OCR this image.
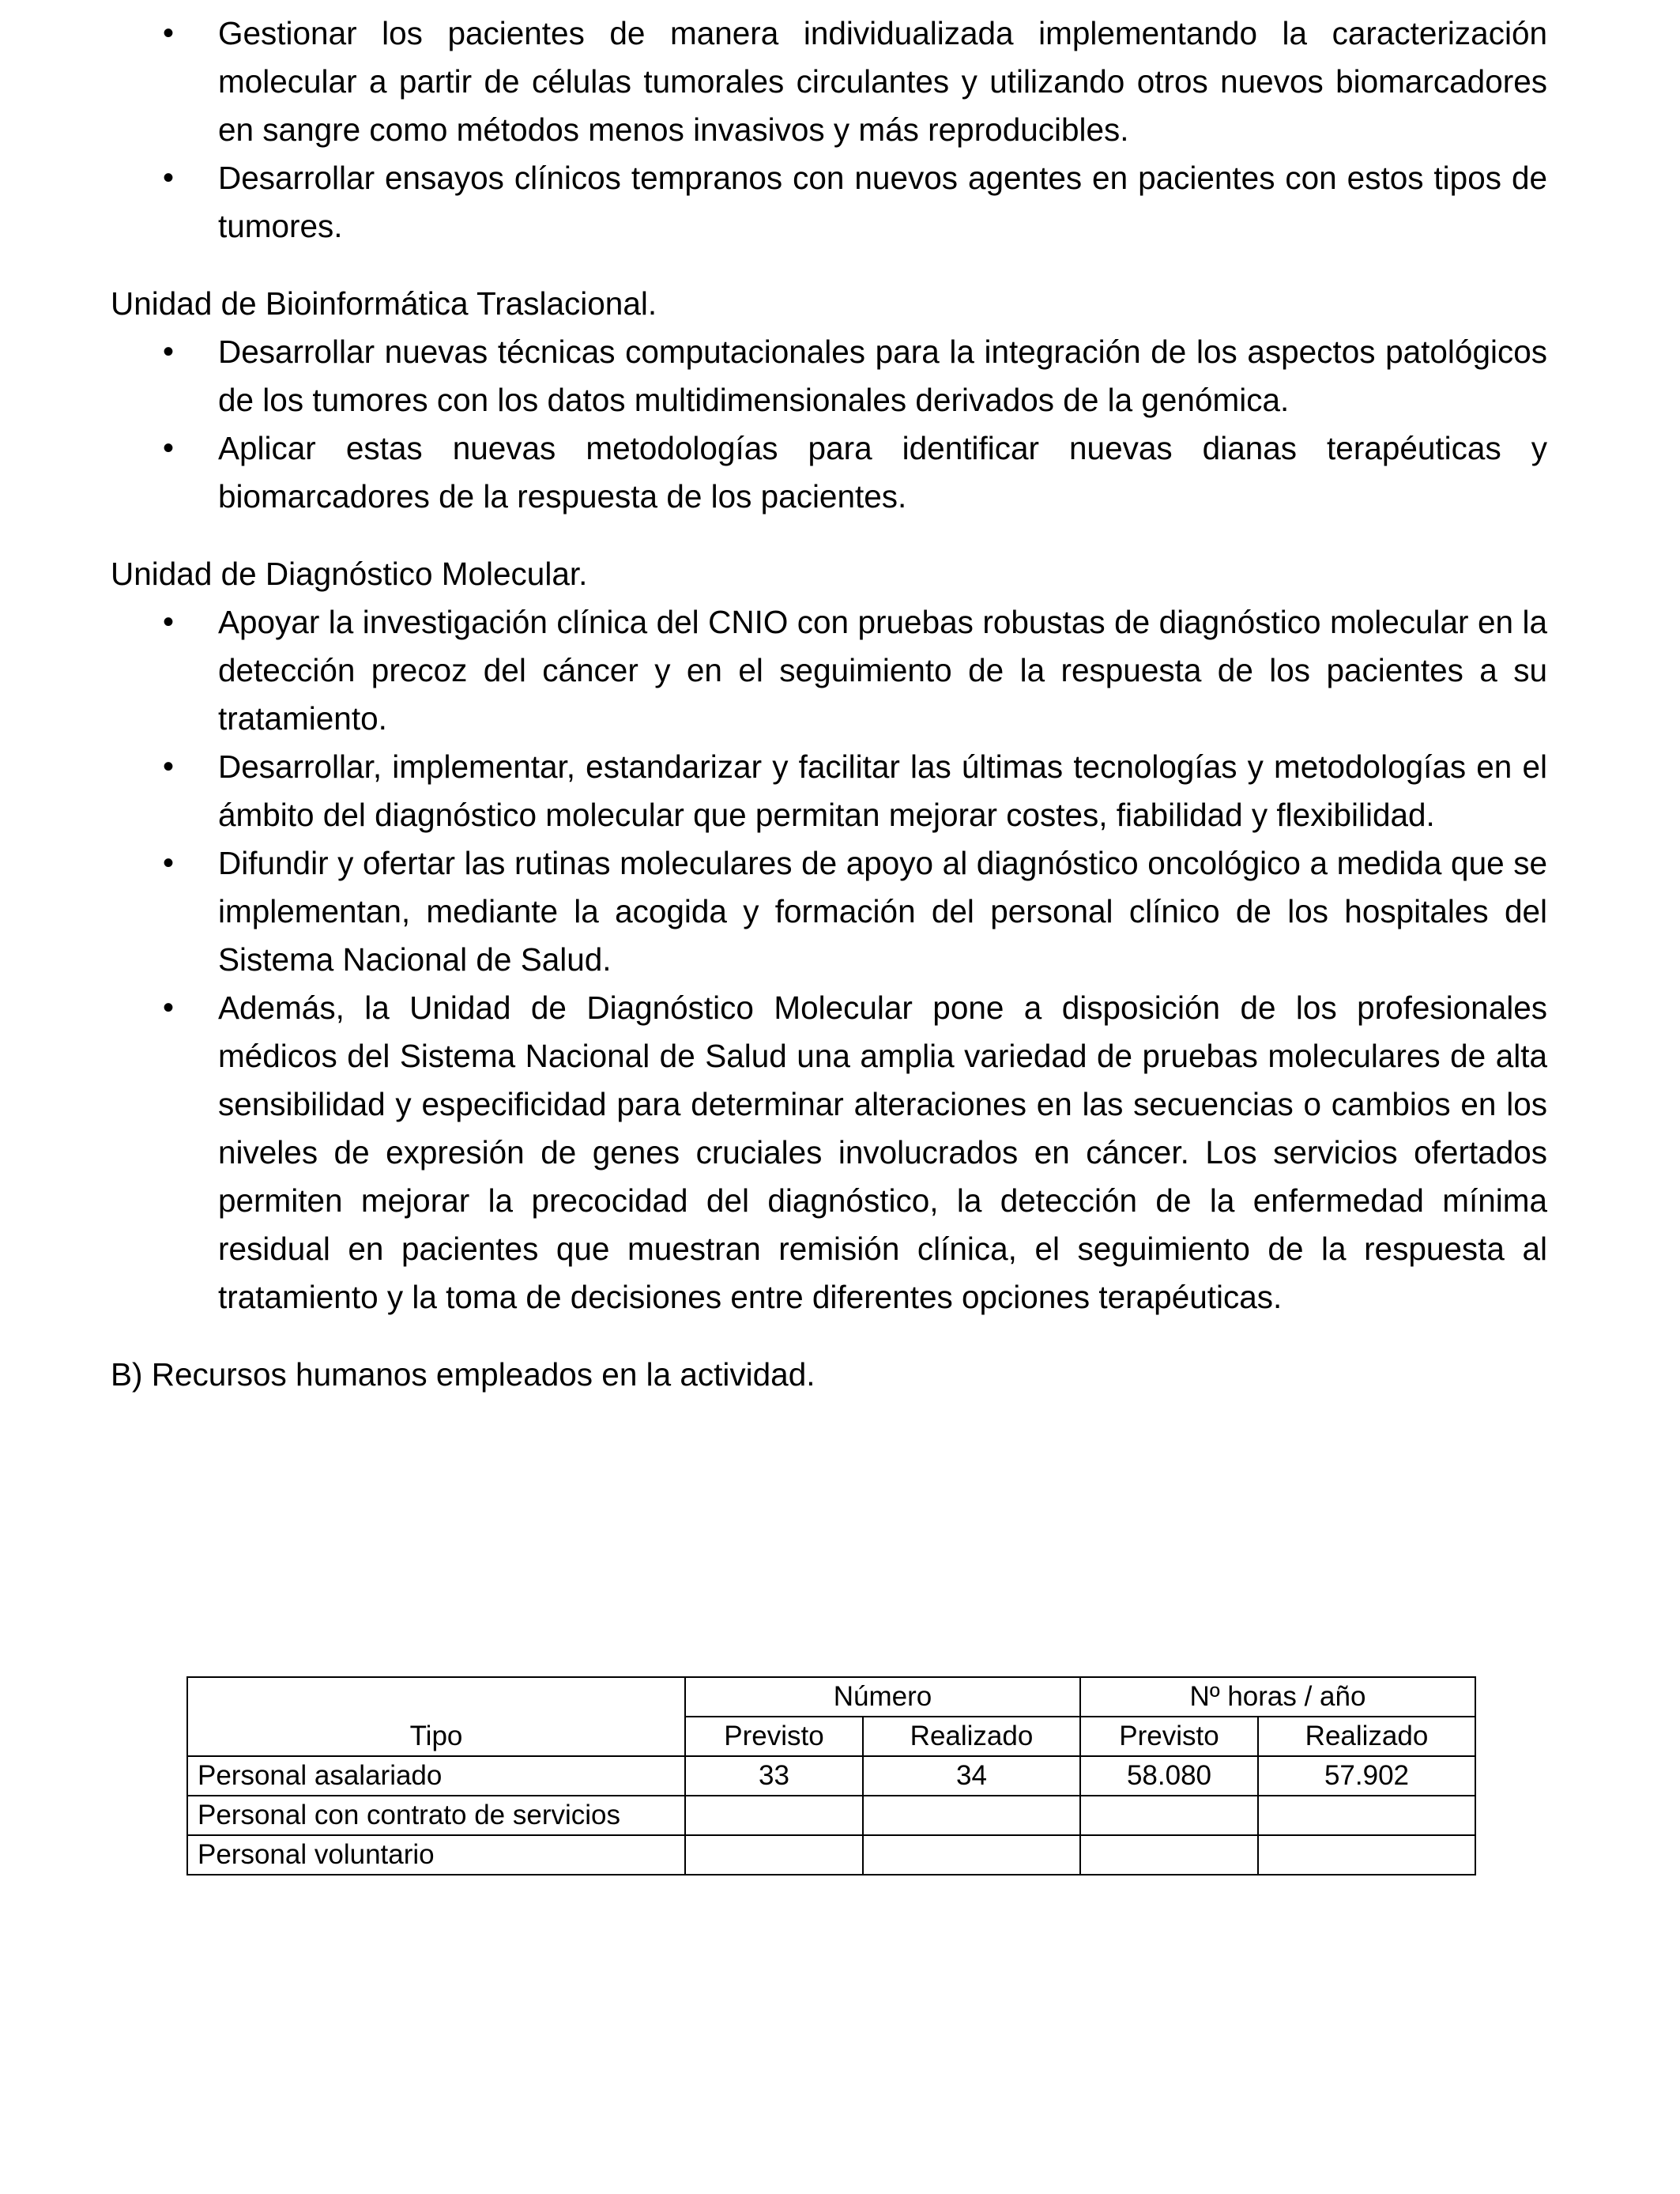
• Gestionar los pacientes de manera individualizada implementando la caracterización molecular a partir de células tumorales circulantes y utilizando otros nuevos biomarcadores en sangre como métodos menos invasivos y más reproducibles.
• Desarrollar ensayos clínicos tempranos con nuevos agentes en pacientes con estos tipos de tumores.

Unidad de Bioinformática Traslacional.

• Desarrollar nuevas técnicas computacionales para la integración de los aspectos patológicos de los tumores con los datos multidimensionales derivados de la genómica.
• Aplicar estas nuevas metodologías para identificar nuevas dianas terapéuticas y biomarcadores de la respuesta de los pacientes.

Unidad de Diagnóstico Molecular.

• Apoyar la investigación clínica del CNIO con pruebas robustas de diagnóstico molecular en la detección precoz del cáncer y en el seguimiento de la respuesta de los pacientes a su tratamiento.
• Desarrollar, implementar, estandarizar y facilitar las últimas tecnologías y metodologías en el ámbito del diagnóstico molecular que permitan mejorar costes, fiabilidad y flexibilidad.
• Difundir y ofertar las rutinas moleculares de apoyo al diagnóstico oncológico a medida que se implementan, mediante la acogida y formación del personal clínico de los hospitales del Sistema Nacional de Salud.
• Además, la Unidad de Diagnóstico Molecular pone a disposición de los profesionales médicos del Sistema Nacional de Salud una amplia variedad de pruebas moleculares de alta sensibilidad y especificidad para determinar alteraciones en las secuencias o cambios en los niveles de expresión de genes cruciales involucrados en cáncer. Los servicios ofertados permiten mejorar la precocidad del diagnóstico, la detección de la enfermedad mínima residual en pacientes que muestran remisión clínica, el seguimiento de la respuesta al tratamiento y la toma de decisiones entre diferentes opciones terapéuticas.

B) Recursos humanos empleados en la actividad.

	Número		Nº horas / año	
Tipo	Previsto	Realizado	Previsto	Realizado
Personal asalariado	33	34	58.080	57.902
Personal con contrato de servicios				
Personal voluntario				
